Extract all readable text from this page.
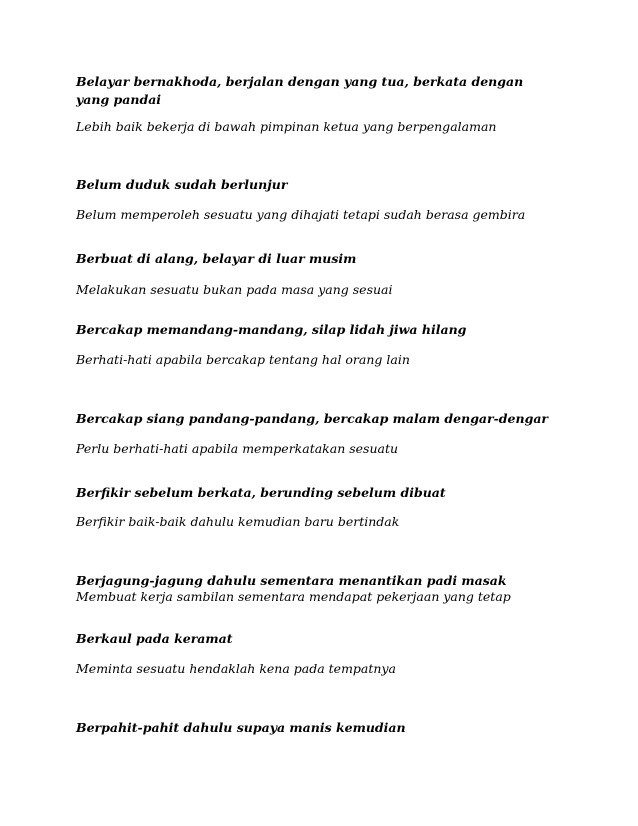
Belayar bernakhoda, berjalan dengan yang tua, berkata dengan yang pandai
Lebih baik bekerja di bawah pimpinan ketua yang berpengalaman
Belum duduk sudah berlunjur
Belum memperoleh sesuatu yang dihajati tetapi sudah berasa gembira
Berbuat di alang, belayar di luar musim
Melakukan sesuatu bukan pada masa yang sesuai
Bercakap memandang-mandang, silap lidah jiwa hilang
Berhati-hati apabila bercakap tentang hal orang lain
Bercakap siang pandang-pandang, bercakap malam dengar-dengar
Perlu berhati-hati apabila memperkatakan sesuatu
Berfikir sebelum berkata, berunding sebelum dibuat
Berfikir baik-baik dahulu kemudian baru bertindak
Berjagung-jagung dahulu sementara menantikan padi masak
Membuat kerja sambilan sementara mendapat pekerjaan yang tetap
Berkaul pada keramat
Meminta sesuatu hendaklah kena pada tempatnya
Berpahit-pahit dahulu supaya manis kemudian
